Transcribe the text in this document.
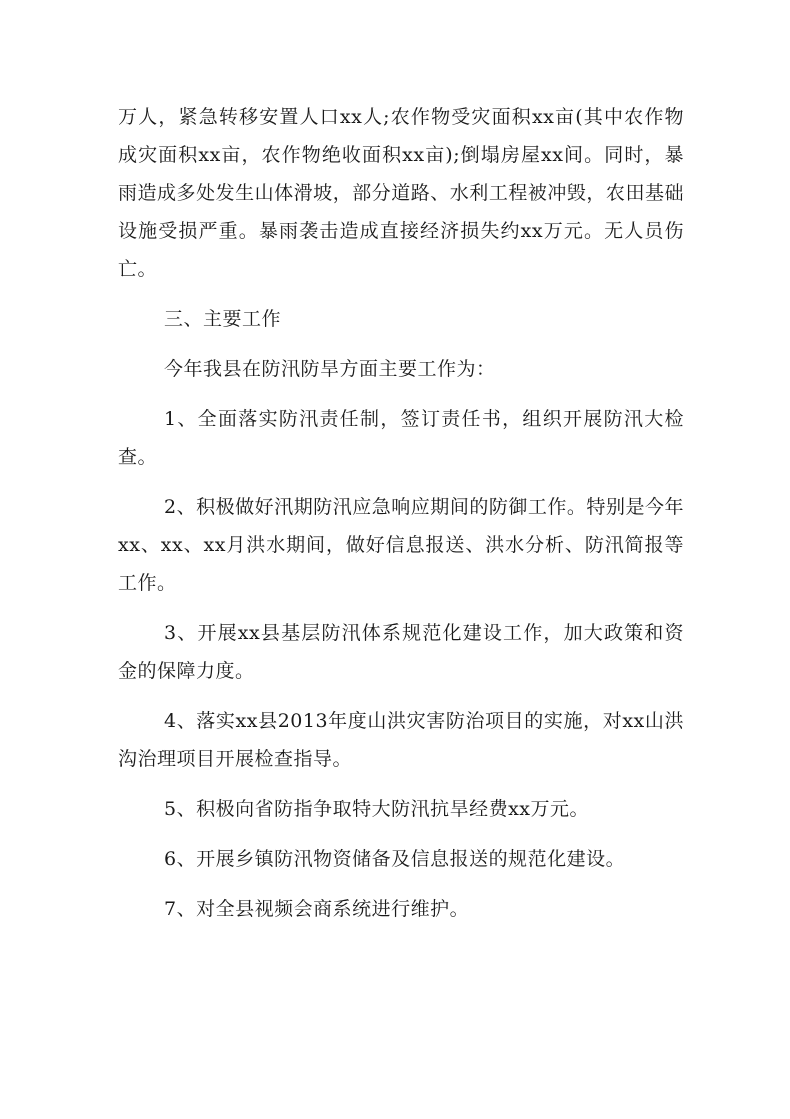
万人，紧急转移安置人口xx人;农作物受灾面积xx亩(其中农作物成灾面积xx亩，农作物绝收面积xx亩);倒塌房屋xx间。同时，暴雨造成多处发生山体滑坡，部分道路、水利工程被冲毁，农田基础设施受损严重。暴雨袭击造成直接经济损失约xx万元。无人员伤亡。

三、主要工作

今年我县在防汛防旱方面主要工作为：

1、全面落实防汛责任制，签订责任书，组织开展防汛大检查。

2、积极做好汛期防汛应急响应期间的防御工作。特别是今年xx、xx、xx月洪水期间，做好信息报送、洪水分析、防汛简报等工作。

3、开展xx县基层防汛体系规范化建设工作，加大政策和资金的保障力度。

4、落实xx县2013年度山洪灾害防治项目的实施，对xx山洪沟治理项目开展检查指导。

5、积极向省防指争取特大防汛抗旱经费xx万元。

6、开展乡镇防汛物资储备及信息报送的规范化建设。

7、对全县视频会商系统进行维护。
